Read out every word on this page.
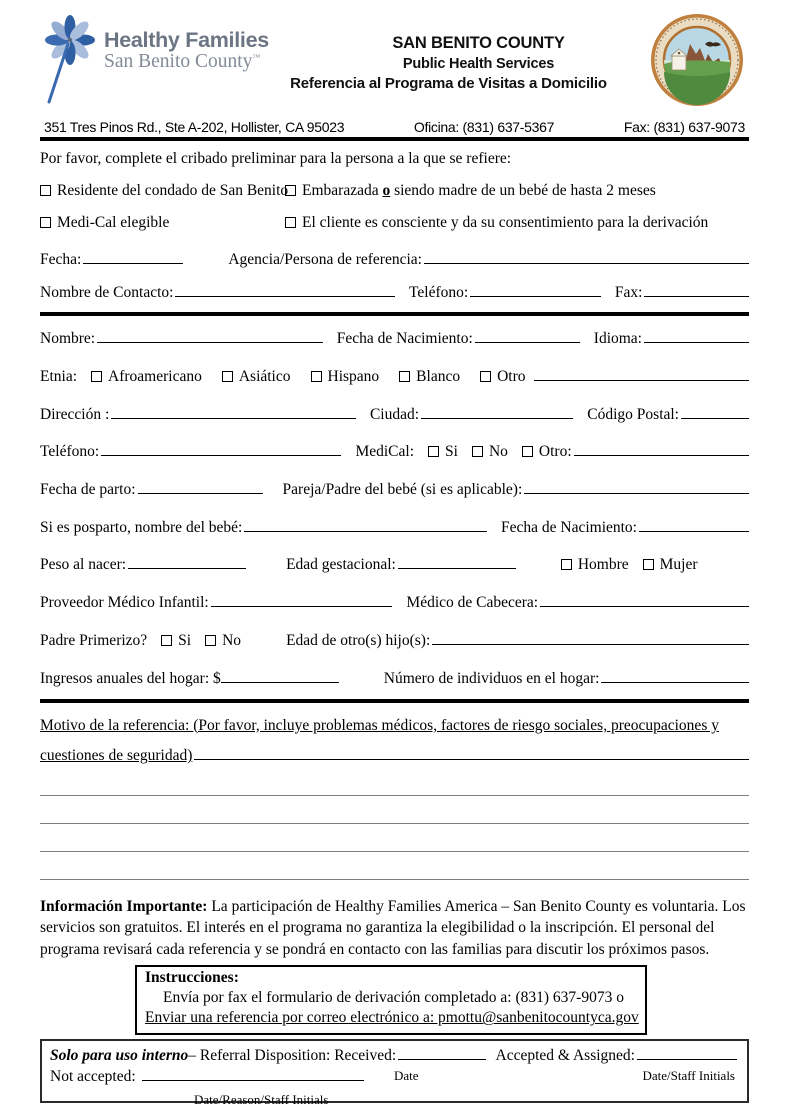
Healthy Families
San Benito County™
SAN BENITO COUNTY
Public Health Services
Referencia al Programa de Visitas a Domicilio
351 Tres Pinos Rd., Ste A-202, Hollister, CA 95023	Oficina: (831) 637-5367	Fax: (831) 637-9073
Por favor, complete el cribado preliminar para la persona a la que se refiere:
Residente del condado de San Benito Embarazada o siendo madre de un bebé de hasta 2 meses
Medi-Cal elegible	El cliente es consciente y da su consentimiento para la derivación
Fecha:	Agencia/Persona de referencia:
Nombre de Contacto:	Teléfono:	Fax:
Nombre:	Fecha de Nacimiento:	Idioma:
Etnia: Afroamericano Asiático Hispano Blanco Otro
Dirección :	Ciudad:	Código Postal:
Teléfono:	MediCal: Si No Otro:
Fecha de parto:	Pareja/Padre del bebé (si es aplicable):
Si es posparto, nombre del bebé:	Fecha de Nacimiento:
Peso al nacer:	Edad gestacional:	Hombre Mujer
Proveedor Médico Infantil:	Médico de Cabecera:
Padre Primerizo? Si No	Edad de otro(s) hijo(s):
Ingresos anuales del hogar: $	Número de individuos en el hogar:
Motivo de la referencia: (Por favor, incluye problemas médicos, factores de riesgo sociales, preocupaciones y
cuestiones de seguridad)
Información Importante: La participación de Healthy Families America – San Benito County es voluntaria. Los servicios son gratuitos. El interés en el programa no garantiza la elegibilidad o la inscripción. El personal del programa revisará cada referencia y se pondrá en contacto con las familias para discutir los próximos pasos.
Instrucciones:
Envía por fax el formulario de derivación completado a: (831) 637-9073 o
Enviar una referencia por correo electrónico a: pmottu@sanbenitocountyca.gov
Solo para uso interno – Referral Disposition: Received:	Accepted & Assigned:
Not accepted:	Date	Date/Staff Initials
Date/Reason/Staff Initials
